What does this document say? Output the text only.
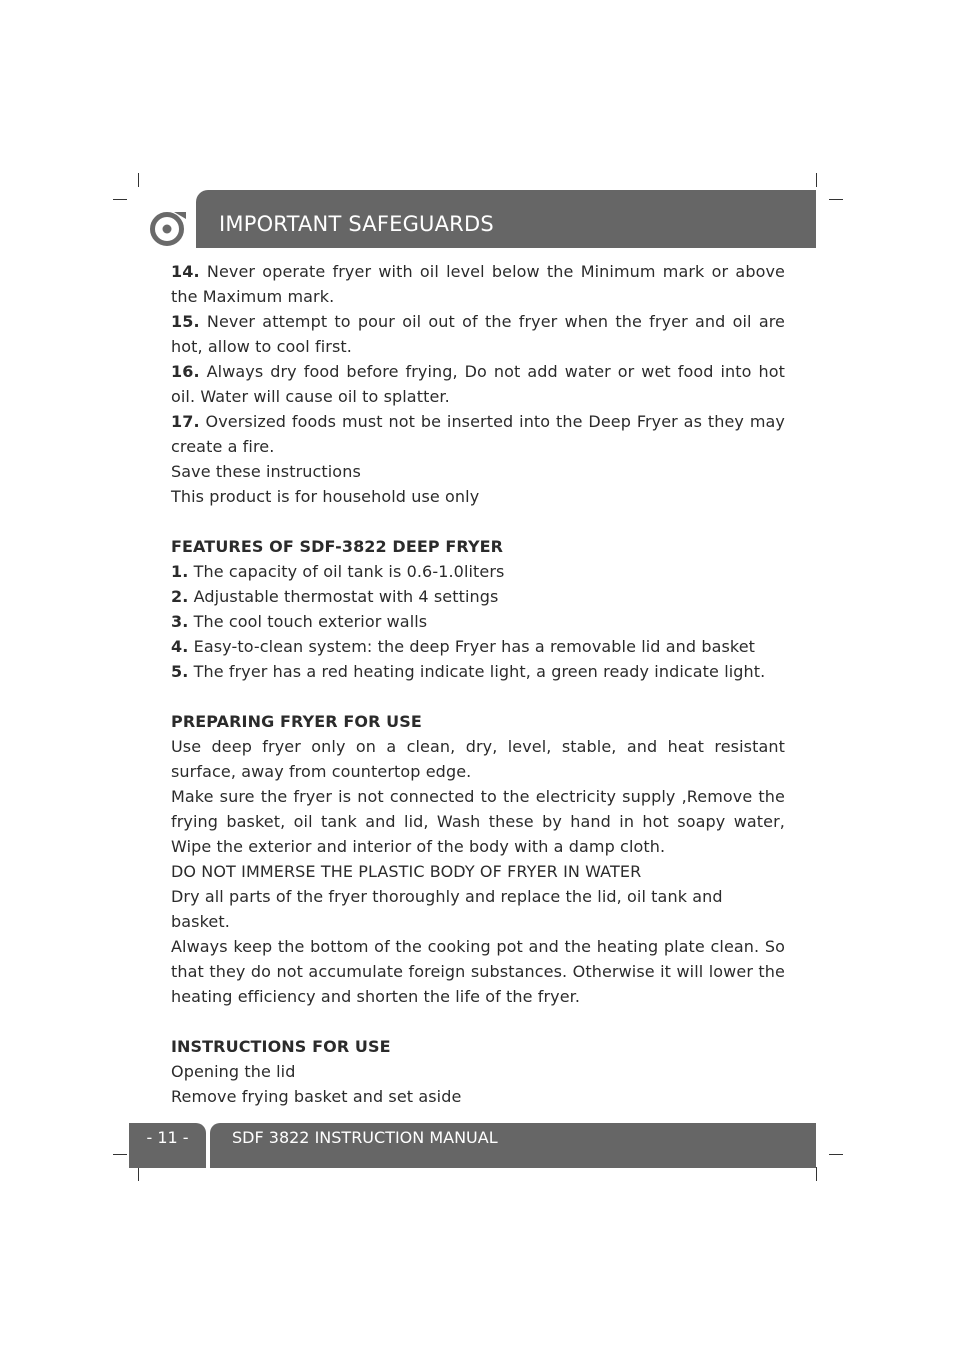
IMPORTANT SAFEGUARDS

14. Never operate fryer with oil level below the Minimum mark or above the Maximum mark.

15. Never attempt to pour oil out of the fryer when the fryer and oil are hot, allow to cool first.

16. Always dry food before frying, Do not add water or wet food into hot oil. Water will cause oil to splatter.

17. Oversized foods must not be inserted into the Deep Fryer as they may create a fire.

Save these instructions

This product is for household use only

FEATURES OF SDF-3822 DEEP FRYER

1. The capacity of oil tank is 0.6-1.0liters

2. Adjustable thermostat with 4 settings

3. The cool touch exterior walls

4. Easy-to-clean system: the deep Fryer has a removable lid and basket

5. The fryer has a red heating indicate light, a green ready indicate light.

PREPARING FRYER FOR USE

Use deep fryer only on a clean, dry, level, stable, and heat resistant surface, away from countertop edge.

Make sure the fryer is not connected to the electricity supply ,Remove the frying basket, oil tank and lid, Wash these by hand in hot soapy water, Wipe the exterior and interior of the body with a damp cloth.

DO NOT IMMERSE THE PLASTIC BODY OF FRYER IN WATER

Dry all parts of the fryer thoroughly and replace the lid, oil tank and basket.

Always keep the bottom of the cooking pot and the heating plate clean. So that they do not accumulate foreign substances. Otherwise it will lower the heating efficiency and shorten the life of the fryer.

INSTRUCTIONS FOR USE

Opening the lid

Remove frying basket and set aside

- 11 -	SDF 3822 INSTRUCTION MANUAL
